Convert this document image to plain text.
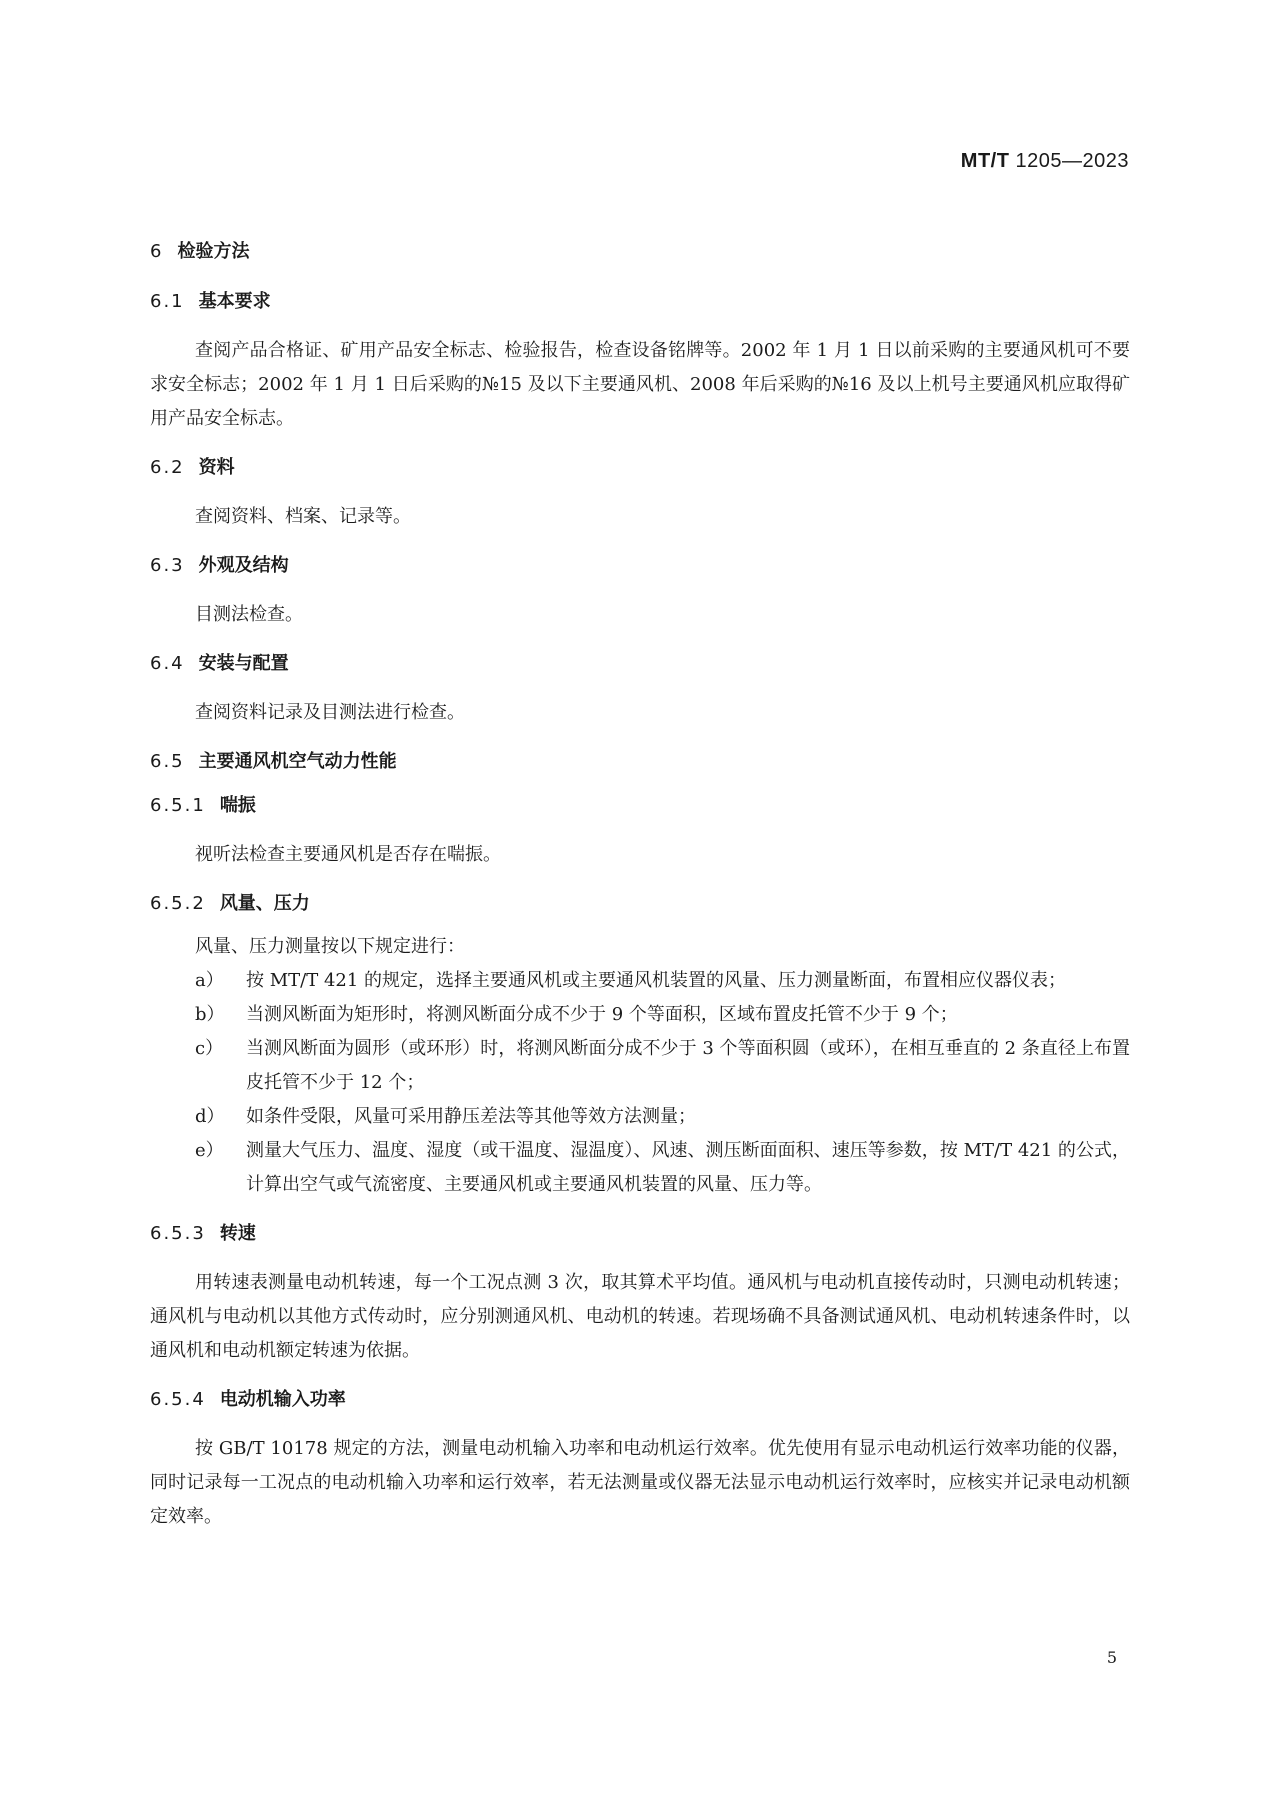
MT/T 1205—2023
6 检验方法
6.1 基本要求

查阅产品合格证、矿用产品安全标志、检验报告，检查设备铭牌等。2002 年 1 月 1 日以前采购的主要通风机可不要求安全标志；2002 年 1 月 1 日后采购的№15 及以下主要通风机、2008 年后采购的№16 及以上机号主要通风机应取得矿用产品安全标志。

6.2 资料

查阅资料、档案、记录等。

6.3 外观及结构

目测法检查。

6.4 安装与配置

查阅资料记录及目测法进行检查。

6.5 主要通风机空气动力性能
6.5.1 喘振

视听法检查主要通风机是否存在喘振。

6.5.2 风量、压力

风量、压力测量按以下规定进行：

a）	按 MT/T 421 的规定，选择主要通风机或主要通风机装置的风量、压力测量断面，布置相应仪器仪表；
b）	当测风断面为矩形时，将测风断面分成不少于 9 个等面积，区域布置皮托管不少于 9 个；
c）	当测风断面为圆形（或环形）时，将测风断面分成不少于 3 个等面积圆（或环），在相互垂直的 2 条直径上布置皮托管不少于 12 个；
d）	如条件受限，风量可采用静压差法等其他等效方法测量；
e）	测量大气压力、温度、湿度（或干温度、湿温度）、风速、测压断面面积、速压等参数，按 MT/T 421 的公式，计算出空气或气流密度、主要通风机或主要通风机装置的风量、压力等。
6.5.3 转速

用转速表测量电动机转速，每一个工况点测 3 次，取其算术平均值。通风机与电动机直接传动时，只测电动机转速；通风机与电动机以其他方式传动时，应分别测通风机、电动机的转速。若现场确不具备测试通风机、电动机转速条件时，以通风机和电动机额定转速为依据。

6.5.4 电动机输入功率

按 GB/T 10178 规定的方法，测量电动机输入功率和电动机运行效率。优先使用有显示电动机运行效率功能的仪器，同时记录每一工况点的电动机输入功率和运行效率，若无法测量或仪器无法显示电动机运行效率时，应核实并记录电动机额定效率。

5
